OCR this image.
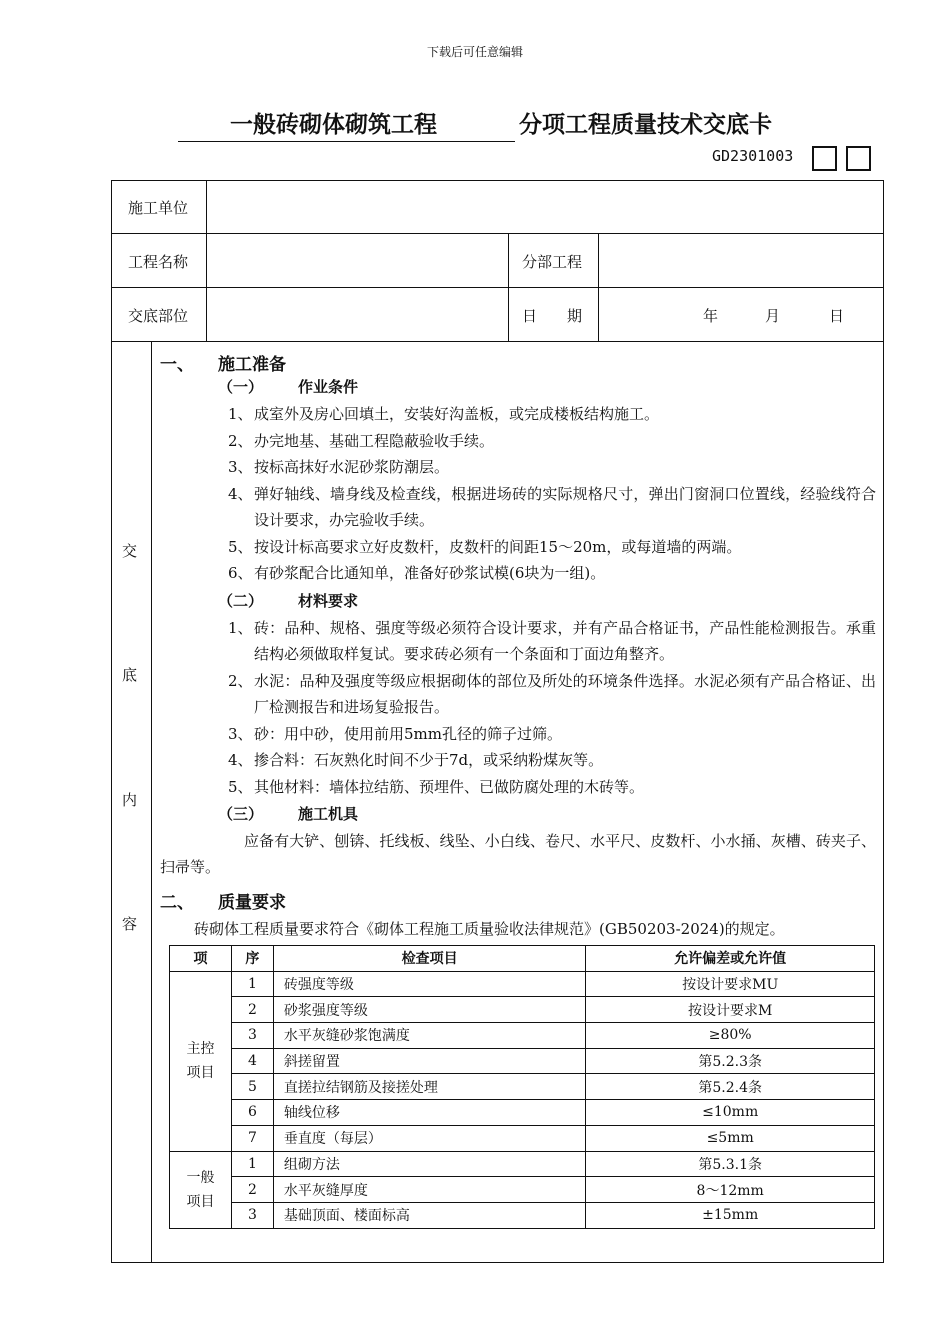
下载后可任意编辑
一般砖砌体砌筑工程	分项工程质量技术交底卡
GD2301003
施工单位
工程名称	分部工程
交底部位	日　　期	年	月	日
交
底
内
容
一、 施工准备
（一） 作业条件
1、 成室外及房心回填土，安装好沟盖板，或完成楼板结构施工。
2、 办完地基、基础工程隐蔽验收手续。
3、 按标高抹好水泥砂浆防潮层。
4、 弹好轴线、墙身线及检查线，根据进场砖的实际规格尺寸，弹出门窗洞口位置线，经验线符合设计要求，办完验收手续。
5、 按设计标高要求立好皮数杆，皮数杆的间距15～20m，或每道墙的两端。
6、 有砂浆配合比通知单，准备好砂浆试模(6块为一组)。
（二） 材料要求
1、 砖：品种、规格、强度等级必须符合设计要求，并有产品合格证书，产品性能检测报告。承重结构必须做取样复试。要求砖必须有一个条面和丁面边角整齐。
2、 水泥：品种及强度等级应根据砌体的部位及所处的环境条件选择。水泥必须有产品合格证、出厂检测报告和进场复验报告。
3、 砂：用中砂，使用前用5mm孔径的筛子过筛。
4、 掺合料：石灰熟化时间不少于7d，或采纳粉煤灰等。
5、 其他材料：墙体拉结筋、预埋件、已做防腐处理的木砖等。
（三） 施工机具
应备有大铲、刨锛、托线板、线坠、小白线、卷尺、水平尺、皮数杆、小水捅、灰槽、砖夹子、扫帚等。
二、 质量要求
砖砌体工程质量要求符合《砌体工程施工质量验收法律规范》(GB50203-2024)的规定。
项	序	检查项目	允许偏差或允许值

主控项目	1	砖强度等级	按设计要求MU
	2	砂浆强度等级	按设计要求M
	3	水平灰缝砂浆饱满度	≥80%
	4	斜搓留置	第5.2.3条
	5	直搓拉结钢筋及接搓处理	第5.2.4条
	6	轴线位移	≤10mm
	7	垂直度（每层）	≤5mm

一般项目	1	组砌方法	第5.3.1条
	2	水平灰缝厚度	8～12mm
	3	基础顶面、楼面标高	±15mm
